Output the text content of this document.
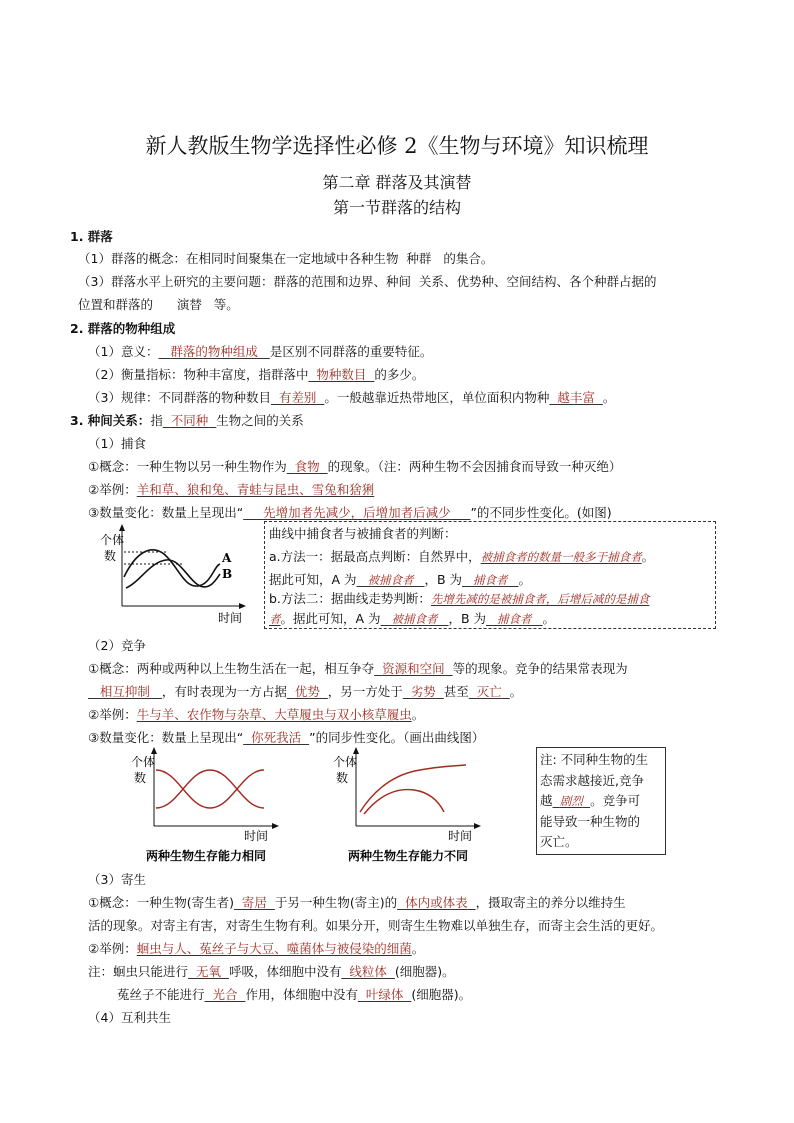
新人教版生物学选择性必修 2《生物与环境》知识梳理
第二章 群落及其演替
第一节群落的结构
1. 群落
（1）群落的概念：在相同时间聚集在一定地域中各种生物 种群 的集合。
（3）群落水平上研究的主要问题：群落的范围和边界、种间 关系、优势种、空间结构、各个种群占据的
位置和群落的 演替 等。
2. 群落的物种组成
（1）意义： 群落的物种组成 是区别不同群落的重要特征。
（2）衡量指标：物种丰富度，指群落中 物种数目 的多少。
（3）规律：不同群落的物种数目 有差别 。一般越靠近热带地区，单位面积内物种 越丰富 。
3. 种间关系：指 不同种 生物之间的关系
（1）捕食
①概念：一种生物以另一种生物作为 食物 的现象。（注：两种生物不会因捕食而导致一种灭绝）
②举例：羊和草、狼和兔、青蛙与昆虫、雪兔和猞猁
③数量变化：数量上呈现出“ 先增加者先减少，后增加者后减少 ”的不同步性变化。(如图)
个体
数	A
B
时间
曲线中捕食者与被捕食者的判断：
a.方法一：据最高点判断：自然界中，被捕食者的数量一般多于捕食者。
据此可知，A 为 被捕食者 ，B 为 捕食者 。
b.方法二：据曲线走势判断：先增先减的是被捕食者，后增后减的是捕食
者。据此可知，A 为 被捕食者 ，B 为 捕食者 。
（2）竞争
①概念：两种或两种以上生物生活在一起，相互争夺 资源和空间 等的现象。竞争的结果常表现为
相互抑制 ，有时表现为一方占据 优势 ，另一方处于 劣势 甚至 灭亡 。
②举例：牛与羊、农作物与杂草、大草履虫与双小核草履虫。
③数量变化：数量上呈现出“ 你死我活 ”的同步性变化。（画出曲线图）
个体
数
时间
两种生物生存能力相同
个体
数
时间
两种生物生存能力不同
注: 不同种生物的生
态需求越接近,竞争
越 剧烈 。竞争可
能导致一种生物的
灭亡。
（3）寄生
①概念：一种生物(寄生者) 寄居 于另一种生物(寄主)的 体内或体表 ，摄取寄主的养分以维持生
活的现象。对寄主有害，对寄生生物有利。如果分开，则寄生生物难以单独生存，而寄主会生活的更好。
②举例：蛔虫与人、菟丝子与大豆、噬菌体与被侵染的细菌。
注：蛔虫只能进行 无氧 呼吸，体细胞中没有 线粒体 (细胞器)。
菟丝子不能进行 光合 作用，体细胞中没有 叶绿体 (细胞器)。
（4）互利共生
